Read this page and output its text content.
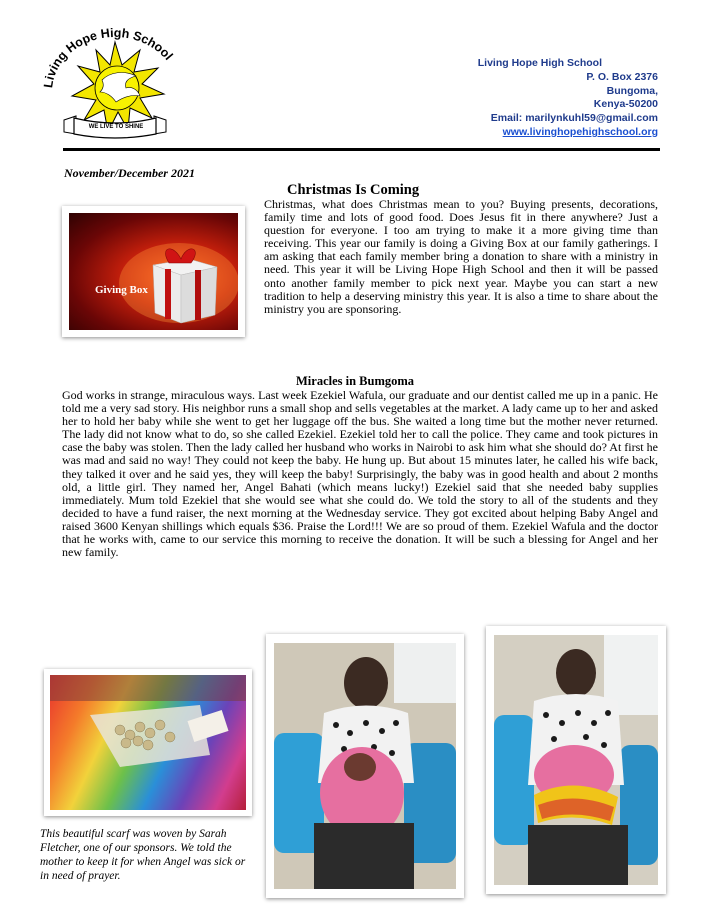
Living Hope High School
WE LIVE TO SHINE
Living Hope High School
P. O. Box 2376
Bungoma,
Kenya-50200
Email: marilynkuhl59@gmail.com
www.livinghopehighschool.org
November/December 2021
Christmas Is Coming
Giving Box
Christmas, what does Christmas mean to you? Buying presents, decorations, family time and lots of good food. Does Jesus fit in there anywhere? Just a question for everyone. I too am trying to make it a more giving time than receiving. This year our family is doing a Giving Box at our family gatherings. I am asking that each family member bring a donation to share with a ministry in need. This year it will be Living Hope High School and then it will be passed onto another family member to pick next year. Maybe you can start a new tradition to help a deserving ministry this year. It is also a time to share about the ministry you are sponsoring.
Miracles in Bumgoma
God works in strange, miraculous ways. Last week Ezekiel Wafula, our graduate and our dentist called me up in a panic. He told me a very sad story. His neighbor runs a small shop and sells vegetables at the market. A lady came up to her and asked her to hold her baby while she went to get her luggage off the bus. She waited a long time but the mother never returned. The lady did not know what to do, so she called Ezekiel. Ezekiel told her to call the police. They came and took pictures in case the baby was stolen. Then the lady called her husband who works in Nairobi to ask him what she should do? At first he was mad and said no way! They could not keep the baby. He hung up. But about 15 minutes later, he called his wife back, they talked it over and he said yes, they will keep the baby! Surprisingly, the baby was in good health and about 2 months old, a little girl. They named her, Angel Bahati (which means lucky!) Ezekiel said that she needed baby supplies immediately. Mum told Ezekiel that she would see what she could do. We told the story to all of the students and they decided to have a fund raiser, the next morning at the Wednesday service. They got excited about helping Baby Angel and raised 3600 Kenyan shillings which equals $36. Praise the Lord!!! We are so proud of them. Ezekiel Wafula and the doctor that he works with, came to our service this morning to receive the donation. It will be such a blessing for Angel and her new family.
This beautiful scarf was woven by Sarah Fletcher, one of our sponsors. We told the mother to keep it for when Angel was sick or in need of prayer.
